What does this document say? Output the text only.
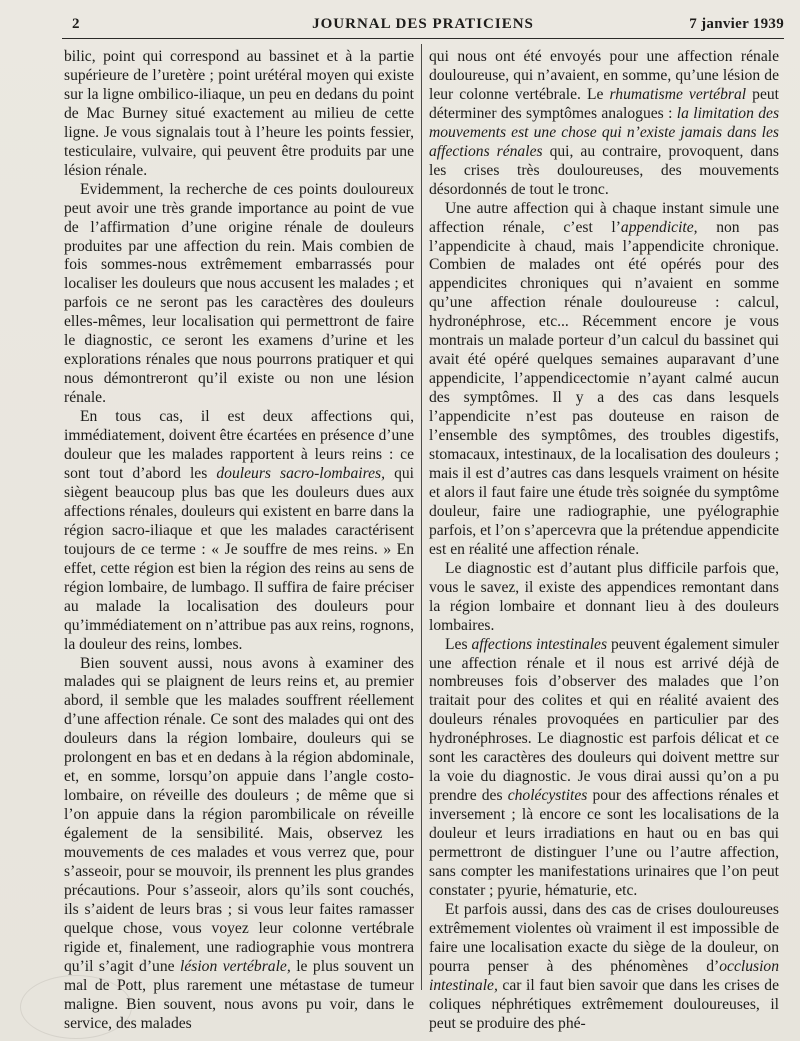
2	JOURNAL DES PRATICIENS	7 janvier 1939

bilic, point qui correspond au bassinet et à la partie supérieure de l’uretère ; point urétéral moyen qui existe sur la ligne ombilico-iliaque, un peu en dedans du point de Mac Burney situé exactement au milieu de cette ligne. Je vous signalais tout à l’heure les points fessier, testiculaire, vulvaire, qui peuvent être produits par une lésion rénale.

Evidemment, la recherche de ces points douloureux peut avoir une très grande importance au point de vue de l’affirmation d’une origine rénale de douleurs produites par une affection du rein. Mais combien de fois sommes-nous extrêmement embarrassés pour localiser les douleurs que nous accusent les malades ; et parfois ce ne seront pas les caractères des douleurs elles-mêmes, leur localisation qui permettront de faire le diagnostic, ce seront les examens d’urine et les explorations rénales que nous pourrons pratiquer et qui nous démontreront qu’il existe ou non une lésion rénale.

En tous cas, il est deux affections qui, immédiatement, doivent être écartées en présence d’une douleur que les malades rapportent à leurs reins : ce sont tout d’abord les douleurs sacro-lombaires, qui siègent beaucoup plus bas que les douleurs dues aux affections rénales, douleurs qui existent en barre dans la région sacro-iliaque et que les malades caractérisent toujours de ce terme : « Je souffre de mes reins. » En effet, cette région est bien la région des reins au sens de région lombaire, de lumbago. Il suffira de faire préciser au malade la localisation des douleurs pour qu’immédiatement on n’attribue pas aux reins, rognons, la douleur des reins, lombes.

Bien souvent aussi, nous avons à examiner des malades qui se plaignent de leurs reins et, au premier abord, il semble que les malades souffrent réellement d’une affection rénale. Ce sont des malades qui ont des douleurs dans la région lombaire, douleurs qui se prolongent en bas et en dedans à la région abdominale, et, en somme, lorsqu’on appuie dans l’angle costo-lombaire, on réveille des douleurs ; de même que si l’on appuie dans la région parombilicale on réveille également de la sensibilité. Mais, observez les mouvements de ces malades et vous verrez que, pour s’asseoir, pour se mouvoir, ils prennent les plus grandes précautions. Pour s’asseoir, alors qu’ils sont couchés, ils s’aident de leurs bras ; si vous leur faites ramasser quelque chose, vous voyez leur colonne vertébrale rigide et, finalement, une radiographie vous montrera qu’il s’agit d’une lésion vertébrale, le plus souvent un mal de Pott, plus rarement une métastase de tumeur maligne. Bien souvent, nous avons pu voir, dans le service, des malades

qui nous ont été envoyés pour une affection rénale douloureuse, qui n’avaient, en somme, qu’une lésion de leur colonne vertébrale. Le rhumatisme vertébral peut déterminer des symptômes analogues : la limitation des mouvements est une chose qui n’existe jamais dans les affections rénales qui, au contraire, provoquent, dans les crises très douloureuses, des mouvements désordonnés de tout le tronc.

Une autre affection qui à chaque instant simule une affection rénale, c’est l’appendicite, non pas l’appendicite à chaud, mais l’appendicite chronique. Combien de malades ont été opérés pour des appendicites chroniques qui n’avaient en somme qu’une affection rénale douloureuse : calcul, hydronéphrose, etc... Récemment encore je vous montrais un malade porteur d’un calcul du bassinet qui avait été opéré quelques semaines auparavant d’une appendicite, l’appendicectomie n’ayant calmé aucun des symptômes. Il y a des cas dans lesquels l’appendicite n’est pas douteuse en raison de l’ensemble des symptômes, des troubles digestifs, stomacaux, intestinaux, de la localisation des douleurs ; mais il est d’autres cas dans lesquels vraiment on hésite et alors il faut faire une étude très soignée du symptôme douleur, faire une radiographie, une pyélographie parfois, et l’on s’apercevra que la prétendue appendicite est en réalité une affection rénale.

Le diagnostic est d’autant plus difficile parfois que, vous le savez, il existe des appendices remontant dans la région lombaire et donnant lieu à des douleurs lombaires.

Les affections intestinales peuvent également simuler une affection rénale et il nous est arrivé déjà de nombreuses fois d’observer des malades que l’on traitait pour des colites et qui en réalité avaient des douleurs rénales provoquées en particulier par des hydronéphroses. Le diagnostic est parfois délicat et ce sont les caractères des douleurs qui doivent mettre sur la voie du diagnostic. Je vous dirai aussi qu’on a pu prendre des cholécystites pour des affections rénales et inversement ; là encore ce sont les localisations de la douleur et leurs irradiations en haut ou en bas qui permettront de distinguer l’une ou l’autre affection, sans compter les manifestations urinaires que l’on peut constater ; pyurie, hématurie, etc.

Et parfois aussi, dans des cas de crises douloureuses extrêmement violentes où vraiment il est impossible de faire une localisation exacte du siège de la douleur, on pourra penser à des phénomènes d’occlusion intestinale, car il faut bien savoir que dans les crises de coliques néphrétiques extrêmement douloureuses, il peut se produire des phé-
